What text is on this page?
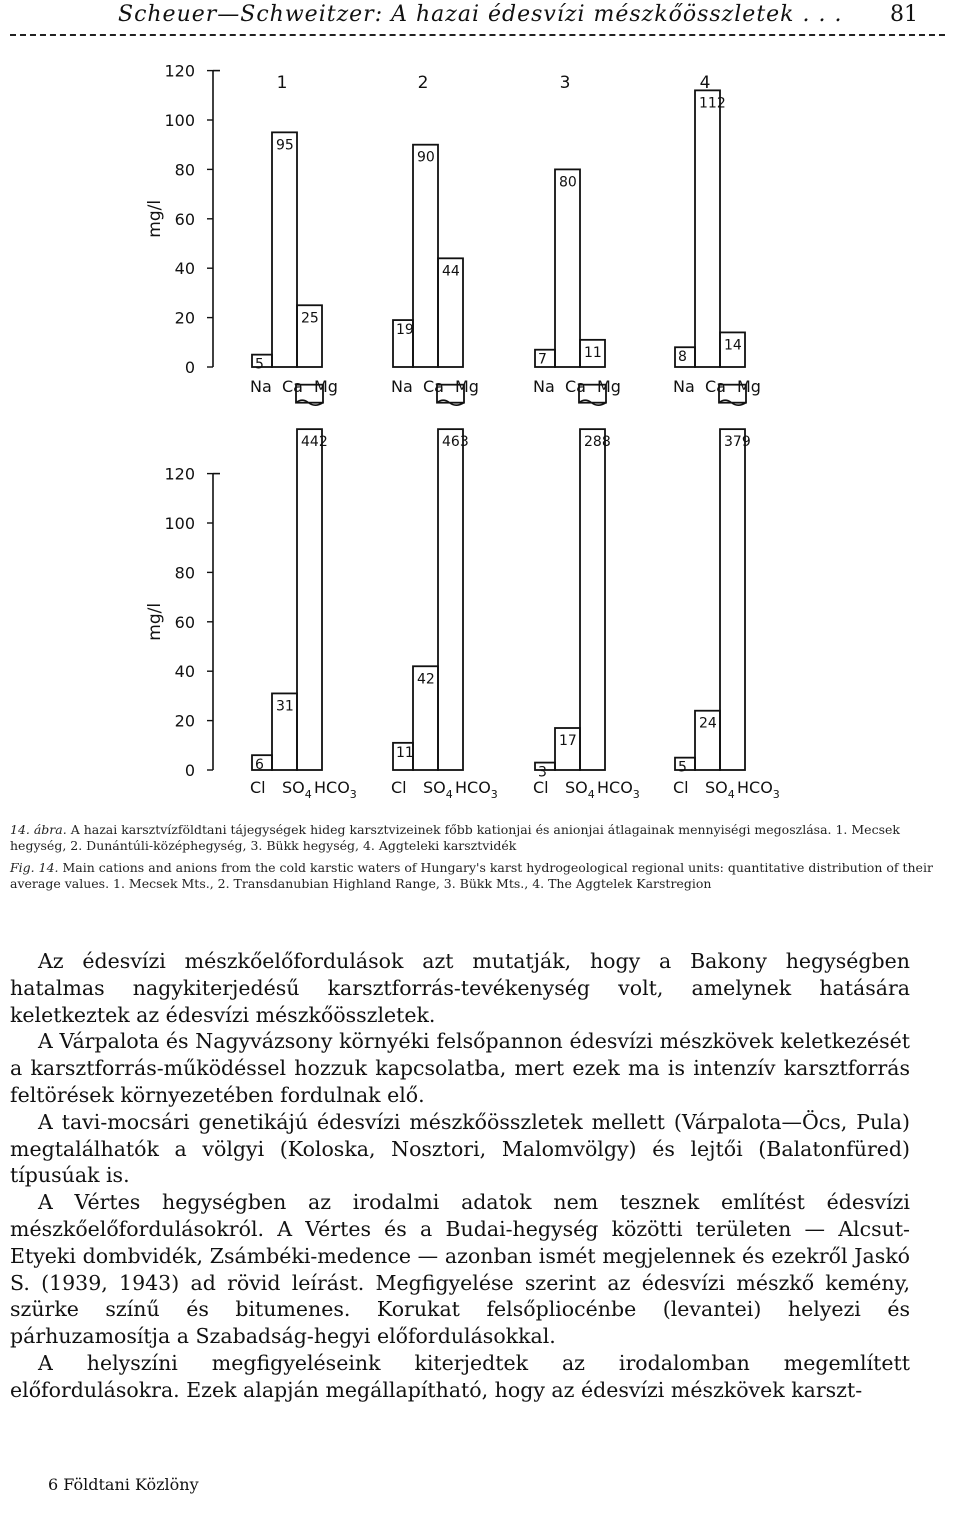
Scheuer—Schweitzer: A hazai édesvízi mészkőösszletek . . . 81
0
20
40
60
80
100
120
mg/l
5
95
25
1
Na Ca Mg
19
90
44
2
Na Ca Mg
7
80
11
3
Na Ca Mg
8
112
14
4
Na Ca Mg
0
20
40
60
80
100
120
mg/l
6
31
442
Cl $SO_4$ $HCO_3$
11
42
463
Cl $SO_4$ $HCO_3$
3
17
288
Cl $SO_4$ $HCO_3$
5
24
379
Cl $SO_4$ $HCO_3$
14. ábra. A hazai karsztvízföldtani tájegységek hideg karsztvizeinek főbb kationjai és anionjai átlagainak mennyiségi megoszlása. 1. Mecsek hegység, 2. Dunántúli-középhegység, 3. Bükk hegység, 4. Aggteleki karsztvidék
Fig. 14. Main cations and anions from the cold karstic waters of Hungary's karst hydrogeological regional units: quantitative distribution of their average values. 1. Mecsek Mts., 2. Transdanubian Highland Range, 3. Bükk Mts., 4. The Aggtelek Karstregion

Az édesvízi mészkőelőfordulások azt mutatják, hogy a Bakony hegységben hatalmas nagykiterjedésű karsztforrás-tevékenység volt, amelynek hatására keletkeztek az édesvízi mészkőösszletek.

A Várpalota és Nagyvázsony környéki felsőpannon édesvízi mészkövek keletkezését a karsztforrás-működéssel hozzuk kapcsolatba, mert ezek ma is intenzív karsztforrás feltörések környezetében fordulnak elő.

A tavi-mocsári genetikájú édesvízi mészkőösszletek mellett (Várpalota—Öcs, Pula) megtalálhatók a völgyi (Koloska, Nosztori, Malomvölgy) és lejtői (Balatonfüred) típusúak is.

A Vértes hegységben az irodalmi adatok nem tesznek említést édesvízi mészkőelőfordulásokról. A Vértes és a Budai-hegység közötti területen — Alcsut-Etyeki dombvidék, Zsámbéki-medence — azonban ismét megjelennek és ezekről Jaskó S. (1939, 1943) ad rövid leírást. Megfigyelése szerint az édesvízi mészkő kemény, szürke színű és bitumenes. Korukat felsőpliocénbe (levantei) helyezi és párhuzamosítja a Szabadság-hegyi előfordulásokkal.

A helyszíni megfigyeléseink kiterjedtek az irodalomban megemlített előfordulásokra. Ezek alapján megállapítható, hogy az édesvízi mészkövek karszt-

6 Földtani Közlöny
